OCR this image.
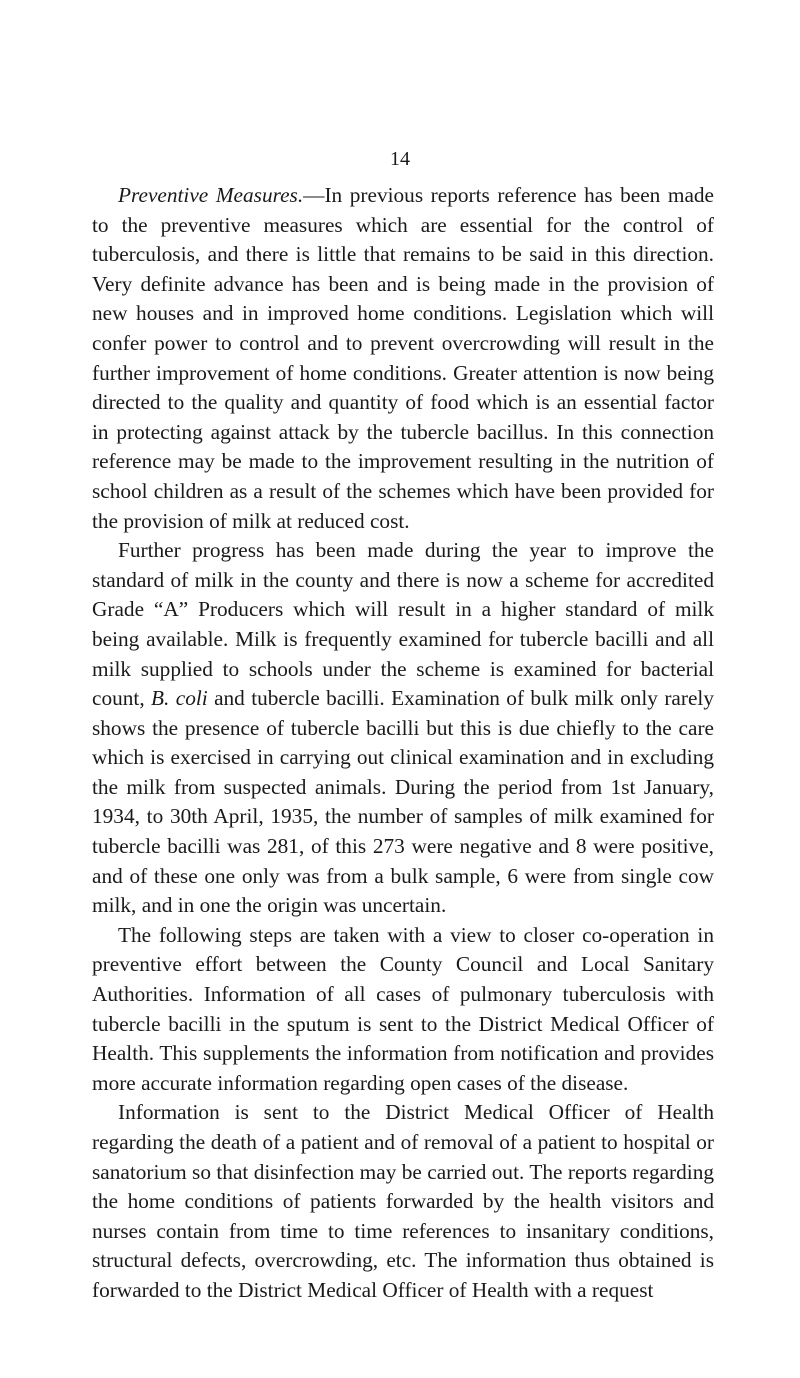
14

Preventive Measures.—In previous reports reference has been made to the preventive measures which are essential for the control of tuberculosis, and there is little that remains to be said in this direction. Very definite advance has been and is being made in the provision of new houses and in improved home conditions. Legislation which will confer power to control and to prevent overcrowding will result in the further improvement of home conditions. Greater attention is now being directed to the quality and quantity of food which is an essential factor in protecting against attack by the tubercle bacillus. In this connection reference may be made to the improvement resulting in the nutrition of school children as a result of the schemes which have been provided for the provision of milk at reduced cost.

Further progress has been made during the year to improve the standard of milk in the county and there is now a scheme for accredited Grade “A” Producers which will result in a higher standard of milk being available. Milk is frequently examined for tubercle bacilli and all milk supplied to schools under the scheme is examined for bacterial count, B. coli and tubercle bacilli. Examination of bulk milk only rarely shows the presence of tubercle bacilli but this is due chiefly to the care which is exercised in carrying out clinical examination and in excluding the milk from suspected animals. During the period from 1st January, 1934, to 30th April, 1935, the number of samples of milk examined for tubercle bacilli was 281, of this 273 were negative and 8 were positive, and of these one only was from a bulk sample, 6 were from single cow milk, and in one the origin was uncertain.

The following steps are taken with a view to closer co-operation in preventive effort between the County Council and Local Sanitary Authorities. Information of all cases of pulmonary tuberculosis with tubercle bacilli in the sputum is sent to the District Medical Officer of Health. This supplements the information from notification and provides more accurate information regarding open cases of the disease.

Information is sent to the District Medical Officer of Health regarding the death of a patient and of removal of a patient to hospital or sanatorium so that disinfection may be carried out. The reports regarding the home conditions of patients forwarded by the health visitors and nurses contain from time to time references to insanitary conditions, structural defects, overcrowding, etc. The information thus obtained is forwarded to the District Medical Officer of Health with a request
